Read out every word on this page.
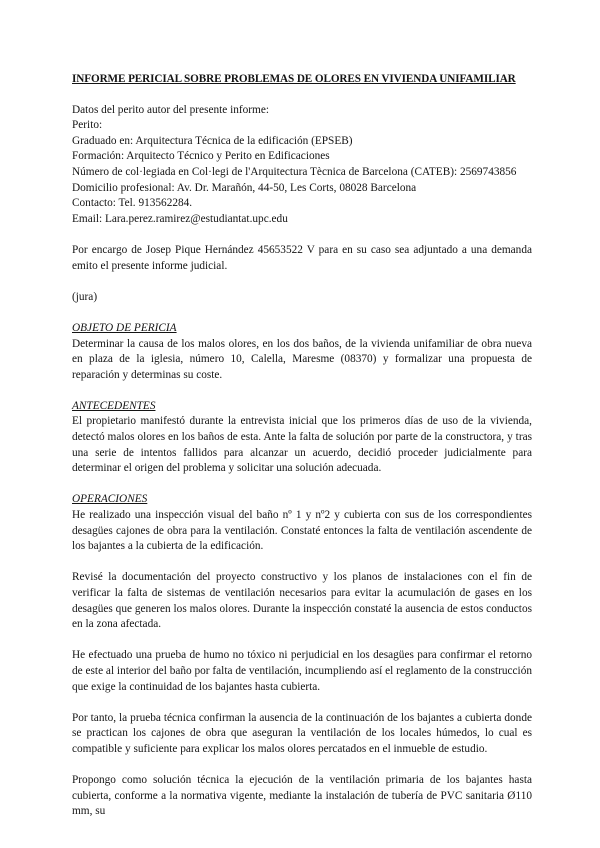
INFORME PERICIAL SOBRE PROBLEMAS DE OLORES EN VIVIENDA UNIFAMILIAR

Datos del perito autor del presente informe:

Perito:

Graduado en: Arquitectura Técnica de la edificación (EPSEB)

Formación: Arquitecto Técnico y Perito en Edificaciones

Número de col·legiada en Col·legi de l'Arquitectura Tècnica de Barcelona (CATEB): 2569743856

Domicilio profesional: Av. Dr. Marañón, 44-50, Les Corts, 08028 Barcelona

Contacto: Tel. 913562284.

Email: Lara.perez.ramirez@estudiantat.upc.edu

Por encargo de Josep Pique Hernández 45653522 V para en su caso sea adjuntado a una demanda emito el presente informe judicial.

(jura)

OBJETO DE PERICIA

Determinar la causa de los malos olores, en los dos baños, de la vivienda unifamiliar de obra nueva en plaza de la iglesia, número 10, Calella, Maresme (08370) y formalizar una propuesta de reparación y determinas su coste.

ANTECEDENTES

El propietario manifestó durante la entrevista inicial que los primeros días de uso de la vivienda, detectó malos olores en los baños de esta. Ante la falta de solución por parte de la constructora, y tras una serie de intentos fallidos para alcanzar un acuerdo, decidió proceder judicialmente para determinar el origen del problema y solicitar una solución adecuada.

OPERACIONES

He realizado una inspección visual del baño nº 1 y nº2 y cubierta con sus de los correspondientes desagües cajones de obra para la ventilación. Constaté entonces la falta de ventilación ascendente de los bajantes a la cubierta de la edificación.

Revisé la documentación del proyecto constructivo y los planos de instalaciones con el fin de verificar la falta de sistemas de ventilación necesarios para evitar la acumulación de gases en los desagües que generen los malos olores. Durante la inspección constaté la ausencia de estos conductos en la zona afectada.

He efectuado una prueba de humo no tóxico ni perjudicial en los desagües para confirmar el retorno de este al interior del baño por falta de ventilación, incumpliendo así el reglamento de la construcción que exige la continuidad de los bajantes hasta cubierta.

Por tanto, la prueba técnica confirman la ausencia de la continuación de los bajantes a cubierta donde se practican los cajones de obra que aseguran la ventilación de los locales húmedos, lo cual es compatible y suficiente para explicar los malos olores percatados en el inmueble de estudio.

Propongo como solución técnica la ejecución de la ventilación primaria de los bajantes hasta cubierta, conforme a la normativa vigente, mediante la instalación de tubería de PVC sanitaria Ø110 mm, su
